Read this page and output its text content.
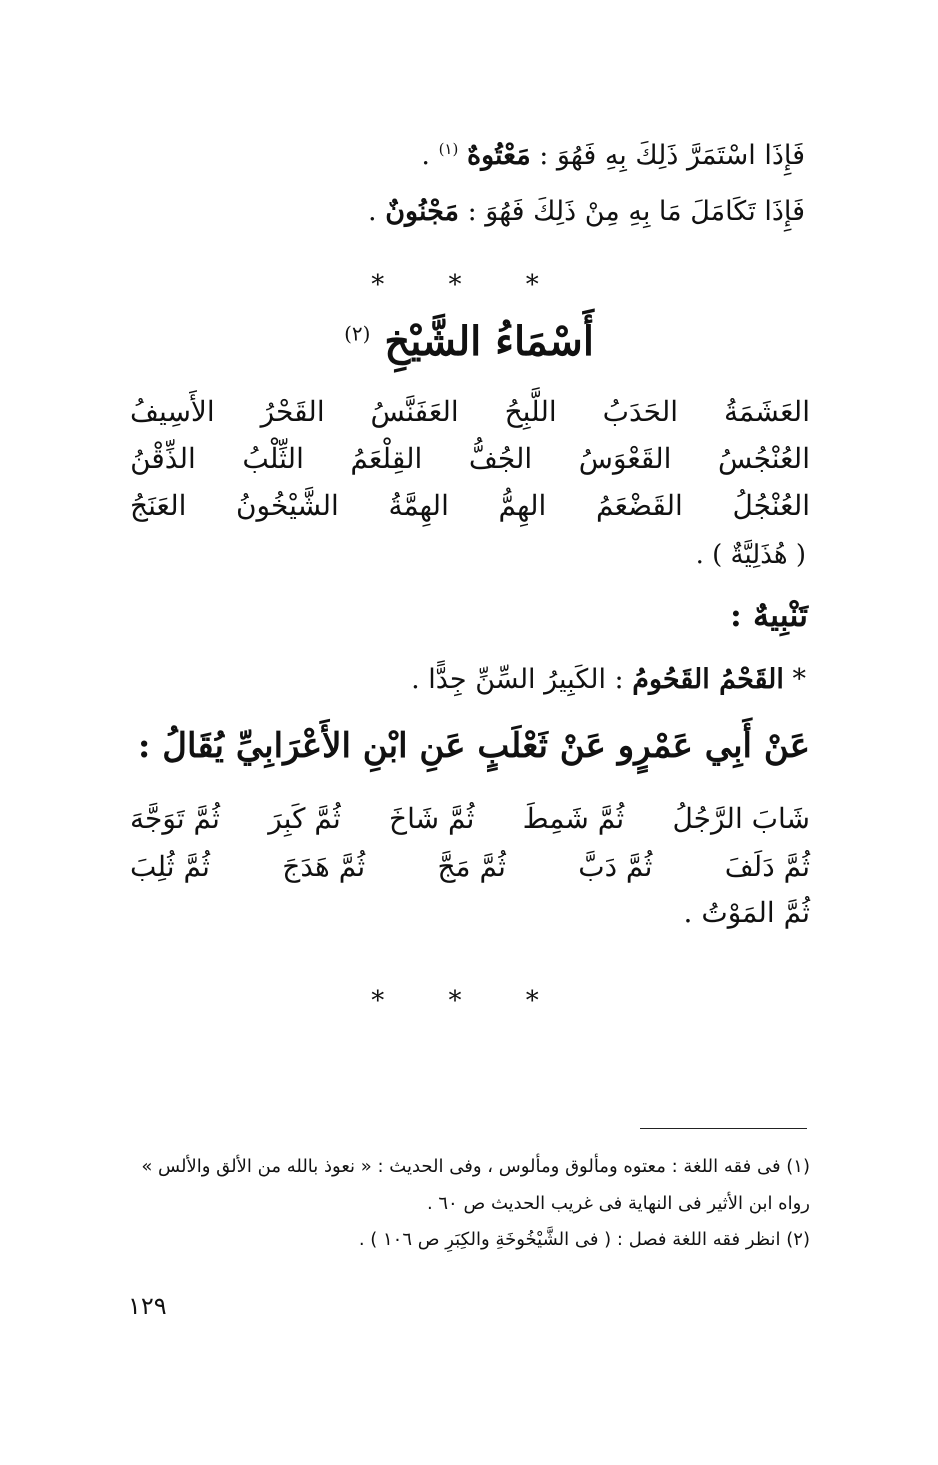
فَإِذَا اسْتَمَرَّ ذَلِكَ بِهِ فَهُوَ : مَعْتُوهٌ $^{(١)}$ .
فَإِذَا تَكَامَلَ مَا بِهِ مِنْ ذَلِكَ فَهُوَ : مَجْنُونٌ .
* * *
أَسْمَاءُ الشَّيْخِ $^{(٢)}$
العَشَمَةُ
الحَدَبُ
اللَّبِحُ
العَفَنَّسُ
القَحْرُ
الأَسِيفُ
العُنْجُسُ
القَعْوَسُ
الجُفُّ
القِلْعَمُ
الثِّلْبُ
الذِّقْنُ
العُنْجُلُ
القَضْعَمُ
الهِمُّ
الهِمَّةُ
الشَّيْخُونُ
العَنَجُ
( هُذَلِيَّةٌ ) .
تَنْبِيهٌ :
* القَحْمُ القَحُومُ : الكَبِيرُ السِّنِّ جِدًّا .
عَنْ أَبِي عَمْرٍو عَنْ ثَعْلَبٍ عَنِ ابْنِ الأَعْرَابِيِّ يُقَالُ :
شَابَ الرَّجُلُ
ثُمَّ شَمِطَ
ثُمَّ شَاخَ
ثُمَّ كَبِرَ
ثُمَّ تَوَجَّهَ
ثُمَّ دَلَفَ
ثُمَّ دَبَّ
ثُمَّ مَجَّ
ثُمَّ هَدَجَ
ثُمَّ ثُلِبَ
ثُمَّ المَوْتُ .
* * *
(١) فى فقه اللغة : معتوه ومألوق ومألوس ، وفى الحديث : « نعوذ بالله من الألق والألس »
رواه ابن الأثير فى النهاية فى غريب الحديث ص ٦٠ .
(٢) انظر فقه اللغة فصل : ( فى الشَّيْخُوخَةِ والكِبَرِ ص ١٠٦ ) .
١٢٩
